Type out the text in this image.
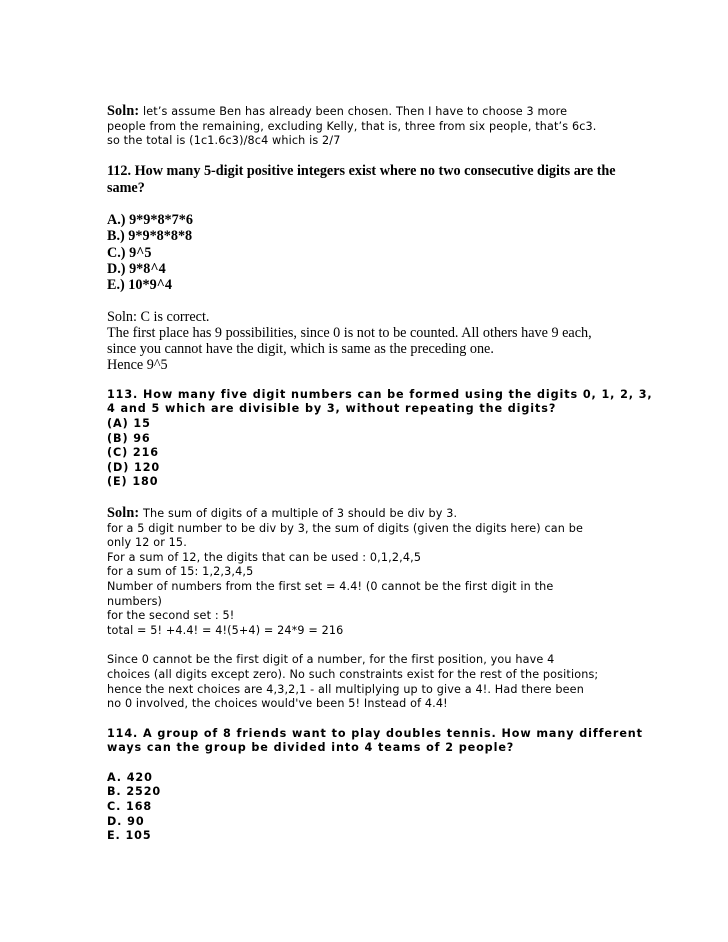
Soln: let’s assume Ben has already been chosen. Then I have to choose 3 more
people from the remaining, excluding Kelly, that is, three from six people, that’s 6c3.
so the total is (1c1.6c3)/8c4 which is 2/7
112. How many 5-digit positive integers exist where no two consecutive digits are the
same?
A.) 9*9*8*7*6
B.) 9*9*8*8*8
C.) 9^5
D.) 9*8^4
E.) 10*9^4
Soln: C is correct.
The first place has 9 possibilities, since 0 is not to be counted. All others have 9 each,
since you cannot have the digit, which is same as the preceding one.
Hence 9^5
113. How many five digit numbers can be formed using the digits 0, 1, 2, 3,
4 and 5 which are divisible by 3, without repeating the digits?
(A) 15
(B) 96
(C) 216
(D) 120
(E) 180
Soln: The sum of digits of a multiple of 3 should be div by 3.
for a 5 digit number to be div by 3, the sum of digits (given the digits here) can be
only 12 or 15.
For a sum of 12, the digits that can be used : 0,1,2,4,5
for a sum of 15: 1,2,3,4,5
Number of numbers from the first set = 4.4! (0 cannot be the first digit in the
numbers)
for the second set : 5!
total = 5! +4.4! = 4!(5+4) = 24*9 = 216
Since 0 cannot be the first digit of a number, for the first position, you have 4
choices (all digits except zero). No such constraints exist for the rest of the positions;
hence the next choices are 4,3,2,1 - all multiplying up to give a 4!. Had there been
no 0 involved, the choices would've been 5! Instead of 4.4!
114. A group of 8 friends want to play doubles tennis. How many different
ways can the group be divided into 4 teams of 2 people?
A. 420
B. 2520
C. 168
D. 90
E. 105
